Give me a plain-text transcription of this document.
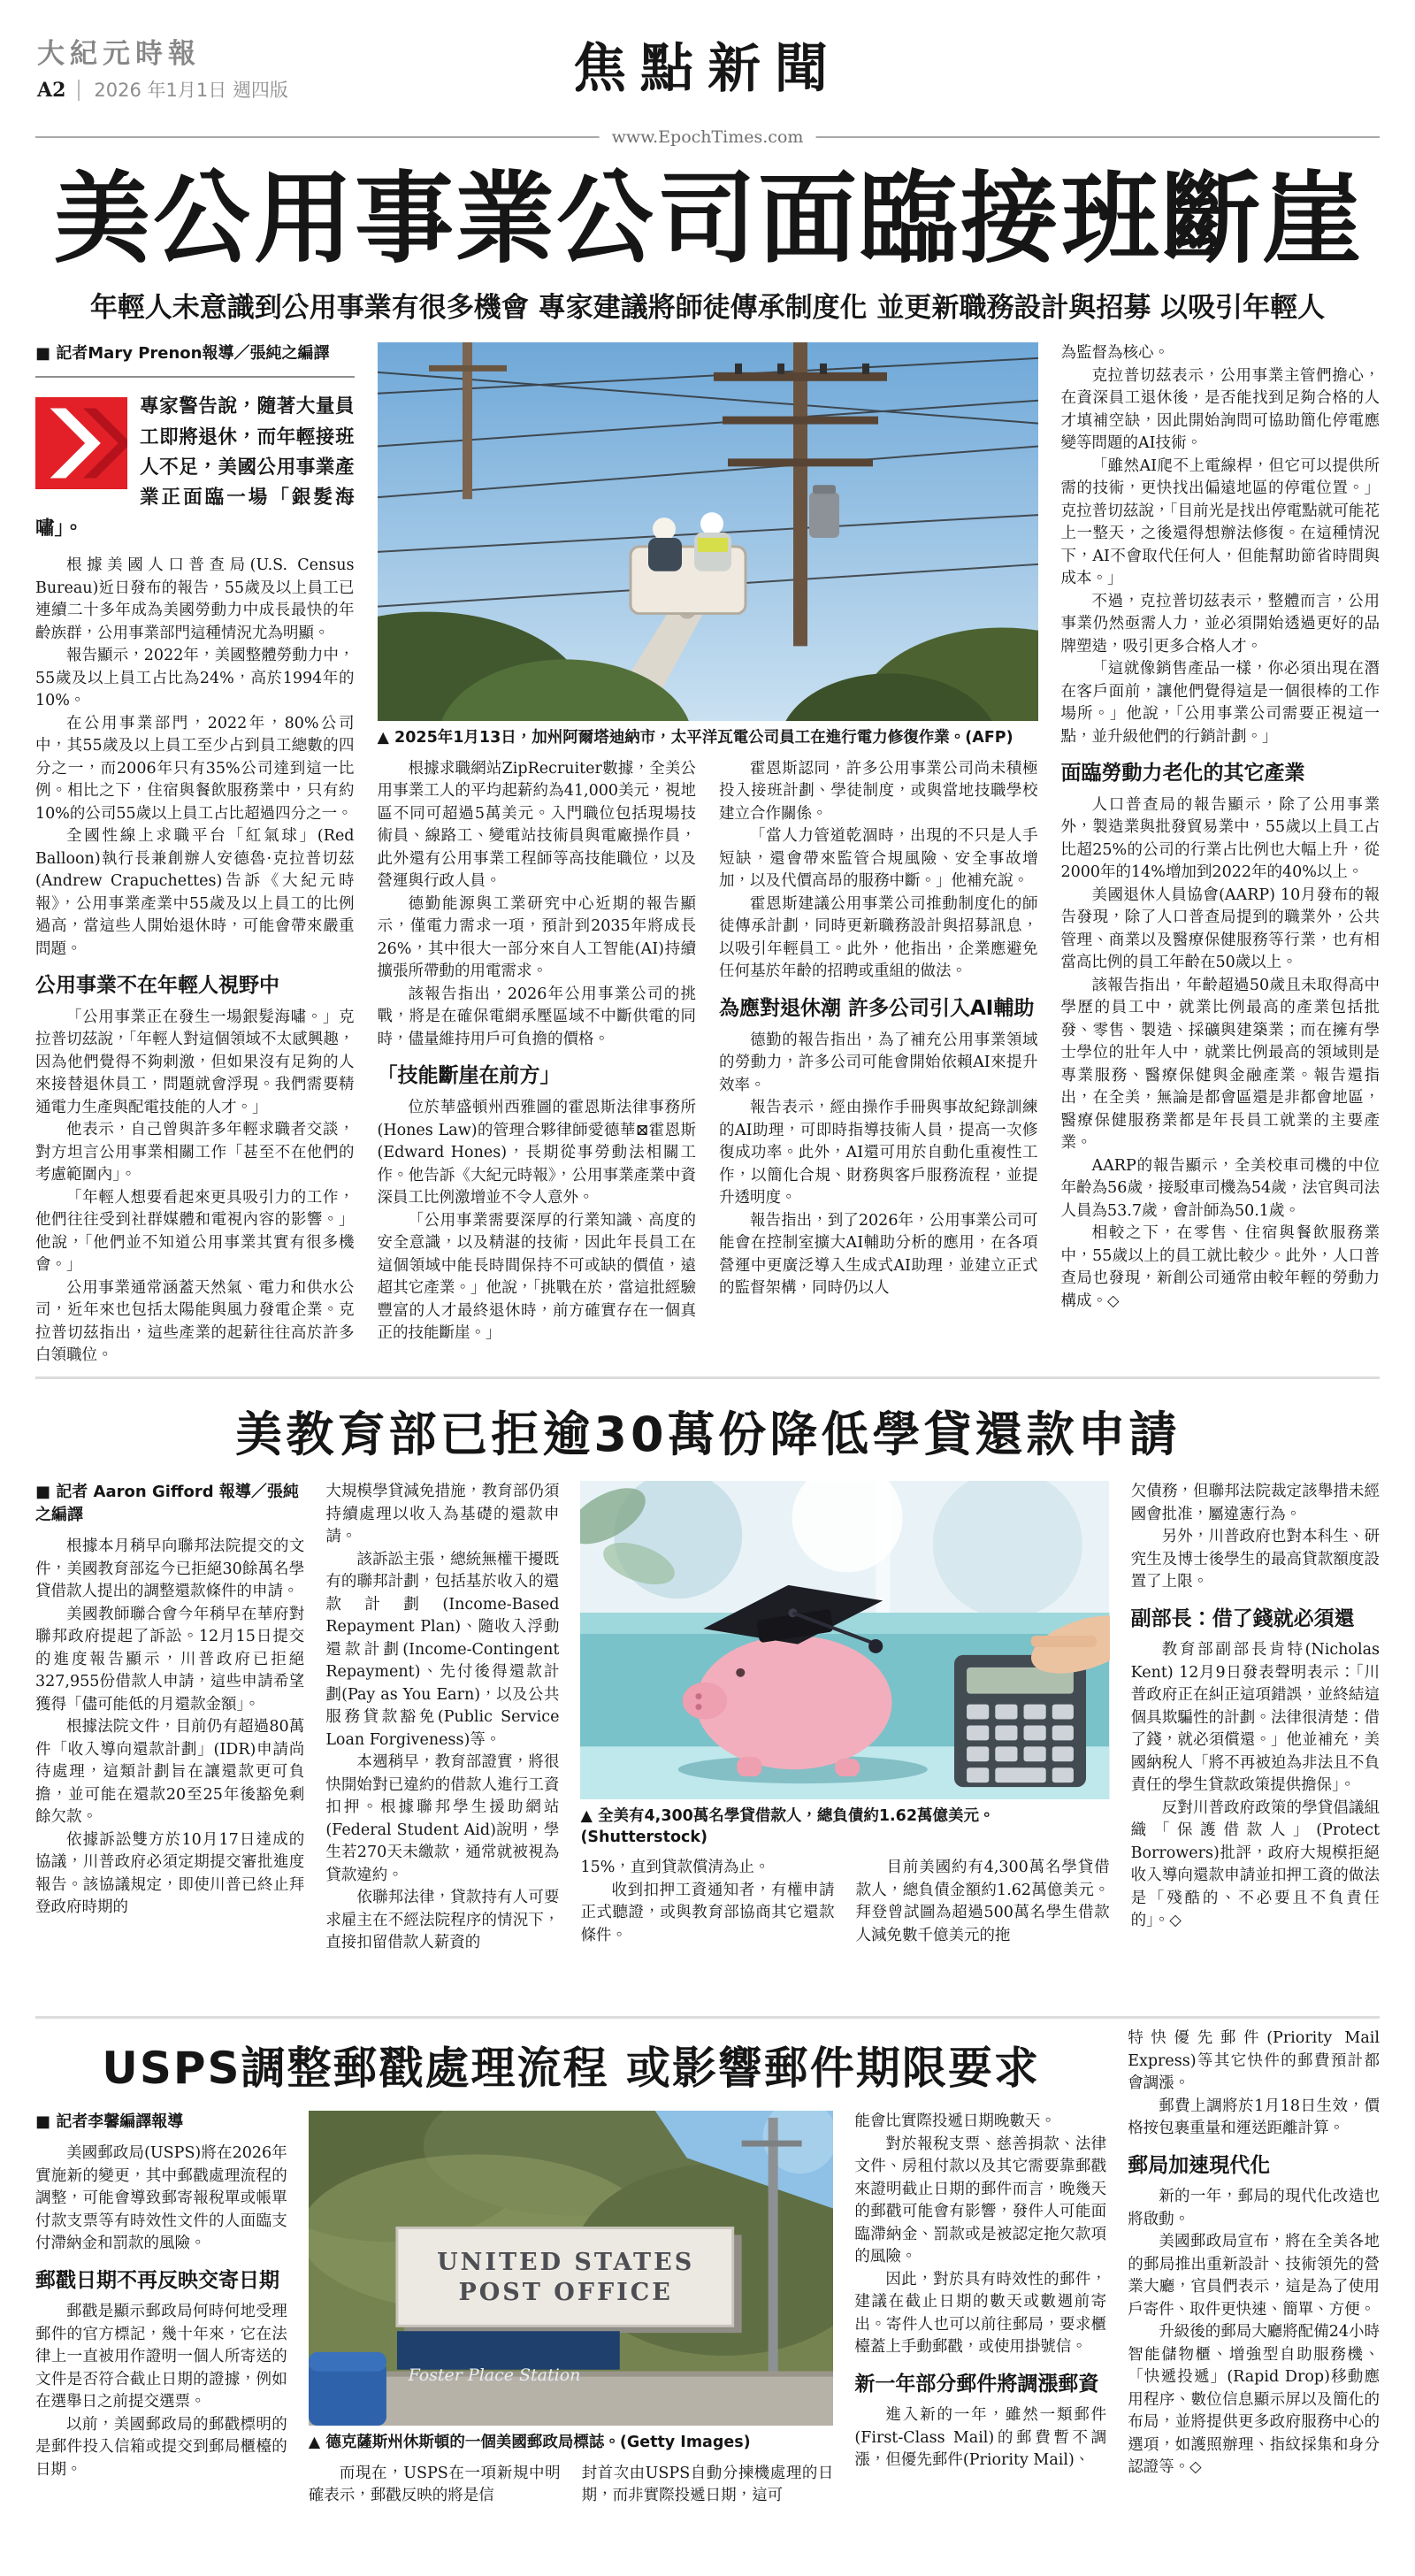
大紀元時報
A2 2026 年1月1日 週四版	焦點新聞
www.EpochTimes.com
美公用事業公司面臨接班斷崖
年輕人未意識到公用事業有很多機會 專家建議將師徒傳承制度化 並更新職務設計與招募 以吸引年輕人
■ 記者Mary Prenon報導／張純之編譯

專家警告說，隨著大量員工即將退休，而年輕接班人不足，美國公用事業產業正面臨一場「銀髮海嘯」。

根據美國人口普查局(U.S. Census Bureau)近日發布的報告，55歲及以上員工已連續二十多年成為美國勞動力中成長最快的年齡族群，公用事業部門這種情況尤為明顯。

報告顯示，2022年，美國整體勞動力中，55歲及以上員工占比為24%，高於1994年的10%。

在公用事業部門，2022年，80%公司中，其55歲及以上員工至少占到員工總數的四分之一，而2006年只有35%公司達到這一比例。相比之下，住宿與餐飲服務業中，只有約10%的公司55歲以上員工占比超過四分之一。

全國性線上求職平台「紅氣球」(Red Balloon)執行長兼創辦人安德魯·克拉普切茲(Andrew Crapuchettes)告訴《大紀元時報》，公用事業產業中55歲及以上員工的比例過高，當這些人開始退休時，可能會帶來嚴重問題。

公用事業不在年輕人視野中

「公用事業正在發生一場銀髮海嘯。」克拉普切茲說，「年輕人對這個領域不太感興趣，因為他們覺得不夠刺激，但如果沒有足夠的人來接替退休員工，問題就會浮現。我們需要精通電力生產與配電技能的人才。」

他表示，自己曾與許多年輕求職者交談，對方坦言公用事業相關工作「甚至不在他們的考慮範圍內」。

「年輕人想要看起來更具吸引力的工作，他們往往受到社群媒體和電視內容的影響。」他說，「他們並不知道公用事業其實有很多機會。」

公用事業通常涵蓋天然氣、電力和供水公司，近年來也包括太陽能與風力發電企業。克拉普切茲指出，這些產業的起薪往往高於許多白領職位。

▲ 2025年1月13日，加州阿爾塔迪納市，太平洋瓦電公司員工在進行電力修復作業。(AFP)

根據求職網站ZipRecruiter數據，全美公用事業工人的平均起薪約為41,000美元，視地區不同可超過5萬美元。入門職位包括現場技術員、線路工、變電站技術員與電廠操作員，此外還有公用事業工程師等高技能職位，以及營運與行政人員。

德勤能源與工業研究中心近期的報告顯示，僅電力需求一項，預計到2035年將成長26%，其中很大一部分來自人工智能(AI)持續擴張所帶動的用電需求。

該報告指出，2026年公用事業公司的挑戰，將是在確保電網承壓區域不中斷供電的同時，儘量維持用戶可負擔的價格。

「技能斷崖在前方」

位於華盛頓州西雅圖的霍恩斯法律事務所(Hones Law)的管理合夥律師愛德華⊠霍恩斯(Edward Hones)，長期從事勞動法相關工作。他告訴《大紀元時報》，公用事業產業中資深員工比例激增並不令人意外。

「公用事業需要深厚的行業知識、高度的安全意識，以及精湛的技術，因此年長員工在這個領域中能長時間保持不可或缺的價值，遠超其它產業。」他說，「挑戰在於，當這批經驗豐富的人才最終退休時，前方確實存在一個真正的技能斷崖。」

霍恩斯認同，許多公用事業公司尚未積極投入接班計劃、學徒制度，或與當地技職學校建立合作關係。

「當人力管道乾涸時，出現的不只是人手短缺，還會帶來監管合規風險、安全事故增加，以及代價高昂的服務中斷。」他補充說。

霍恩斯建議公用事業公司推動制度化的師徒傳承計劃，同時更新職務設計與招募訊息，以吸引年輕員工。此外，他指出，企業應避免任何基於年齡的招聘或重組的做法。

為應對退休潮 許多公司引入AI輔助

德勤的報告指出，為了補充公用事業領域的勞動力，許多公司可能會開始依賴AI來提升效率。

報告表示，經由操作手冊與事故紀錄訓練的AI助理，可即時指導技術人員，提高一次修復成功率。此外，AI還可用於自動化重複性工作，以簡化合規、財務與客戶服務流程，並提升透明度。

報告指出，到了2026年，公用事業公司可能會在控制室擴大AI輔助分析的應用，在各項營運中更廣泛導入生成式AI助理，並建立正式的監督架構，同時仍以人

為監督為核心。

克拉普切茲表示，公用事業主管們擔心，在資深員工退休後，是否能找到足夠合格的人才填補空缺，因此開始詢問可協助簡化停電應變等問題的AI技術。

「雖然AI爬不上電線桿，但它可以提供所需的技術，更快找出偏遠地區的停電位置。」克拉普切茲說，「目前光是找出停電點就可能花上一整天，之後還得想辦法修復。在這種情況下，AI不會取代任何人，但能幫助節省時間與成本。」

不過，克拉普切茲表示，整體而言，公用事業仍然亟需人力，並必須開始透過更好的品牌塑造，吸引更多合格人才。

「這就像銷售產品一樣，你必須出現在潛在客戶面前，讓他們覺得這是一個很棒的工作場所。」他說，「公用事業公司需要正視這一點，並升級他們的行銷計劃。」

面臨勞動力老化的其它產業

人口普查局的報告顯示，除了公用事業外，製造業與批發貿易業中，55歲以上員工占比超25%的公司的行業占比例也大幅上升，從2000年的14%增加到2022年的40%以上。

美國退休人員協會(AARP) 10月發布的報告發現，除了人口普查局提到的職業外，公共管理、商業以及醫療保健服務等行業，也有相當高比例的員工年齡在50歲以上。

該報告指出，年齡超過50歲且未取得高中學歷的員工中，就業比例最高的產業包括批發、零售、製造、採礦與建築業；而在擁有學士學位的壯年人中，就業比例最高的領域則是專業服務、醫療保健與金融產業。報告還指出，在全美，無論是都會區還是非都會地區，醫療保健服務業都是年長員工就業的主要產業。

AARP的報告顯示，全美校車司機的中位年齡為56歲，接駁車司機為54歲，法官與司法人員為53.7歲，會計師為50.1歲。

相較之下，在零售、住宿與餐飲服務業中，55歲以上的員工就比較少。此外，人口普查局也發現，新創公司通常由較年輕的勞動力構成。◇

美教育部已拒逾30萬份降低學貸還款申請
■ 記者 Aaron Gifford 報導／張純之編譯

根據本月稍早向聯邦法院提交的文件，美國教育部迄今已拒絕30餘萬名學貸借款人提出的調整還款條件的申請。

美國教師聯合會今年稍早在華府對聯邦政府提起了訴訟。12月15日提交的進度報告顯示，川普政府已拒絕327,955份借款人申請，這些申請希望獲得「儘可能低的月還款金額」。

根據法院文件，目前仍有超過80萬件「收入導向還款計劃」(IDR)申請尚待處理，這類計劃旨在讓還款更可負擔，並可能在還款20至25年後豁免剩餘欠款。

依據訴訟雙方於10月17日達成的協議，川普政府必須定期提交審批進度報告。該協議規定，即使川普已終止拜登政府時期的

大規模學貸減免措施，教育部仍須持續處理以收入為基礎的還款申請。

該訴訟主張，總統無權干擾既有的聯邦計劃，包括基於收入的還款計劃(Income-Based Repayment Plan)、隨收入浮動還款計劃(Income-Contingent Repayment)、先付後得還款計劃(Pay as You Earn)，以及公共服務貸款豁免(Public Service Loan Forgiveness)等。

本週稍早，教育部證實，將很快開始對已違約的借款人進行工資扣押。根據聯邦學生援助網站(Federal Student Aid)說明，學生若270天未繳款，通常就被視為貸款違約。

依聯邦法律，貸款持有人可要求雇主在不經法院程序的情況下，直接扣留借款人薪資的

▲ 全美有4,300萬名學貸借款人，總負債約1.62萬億美元。(Shutterstock)

15%，直到貸款償清為止。

收到扣押工資通知者，有權申請正式聽證，或與教育部協商其它還款條件。

目前美國約有4,300萬名學貸借款人，總負債金額約1.62萬億美元。拜登曾試圖為超過500萬名學生借款人減免數千億美元的拖

欠債務，但聯邦法院裁定該舉措未經國會批准，屬違憲行為。

另外，川普政府也對本科生、研究生及博士後學生的最高貸款額度設置了上限。

副部長：借了錢就必須還

教育部副部長肯特(Nicholas Kent) 12月9日發表聲明表示：「川普政府正在糾正這項錯誤，並終結這個具欺騙性的計劃。法律很清楚：借了錢，就必須償還。」他並補充，美國納稅人「將不再被迫為非法且不負責任的學生貸款政策提供擔保」。

反對川普政府政策的學貸倡議組織「保護借款人」(Protect Borrowers)批評，政府大規模拒絕收入導向還款申請並扣押工資的做法是「殘酷的、不必要且不負責任的」。◇

USPS調整郵戳處理流程 或影響郵件期限要求
■ 記者李馨編譯報導

美國郵政局(USPS)將在2026年實施新的變更，其中郵戳處理流程的調整，可能會導致郵寄報稅單或帳單付款支票等有時效性文件的人面臨支付滯納金和罰款的風險。

郵戳日期不再反映交寄日期

郵戳是顯示郵政局何時何地受理郵件的官方標記，幾十年來，它在法律上一直被用作證明一個人所寄送的文件是否符合截止日期的證據，例如在選舉日之前提交選票。

以前，美國郵政局的郵戳標明的是郵件投入信箱或提交到郵局櫃檯的日期。

UNITED STATES POST OFFICE
Foster Place Station
▲ 德克薩斯州休斯頓的一個美國郵政局標誌。(Getty Images)

而現在，USPS在一項新規中明確表示，郵戳反映的將是信

封首次由USPS自動分揀機處理的日期，而非實際投遞日期，這可

能會比實際投遞日期晚數天。

對於報稅支票、慈善捐款、法律文件、房租付款以及其它需要靠郵戳來證明截止日期的郵件而言，晚幾天的郵戳可能會有影響，發件人可能面臨滯納金、罰款或是被認定拖欠款項的風險。

因此，對於具有時效性的郵件，建議在截止日期的數天或數週前寄出。寄件人也可以前往郵局，要求櫃檯蓋上手動郵戳，或使用掛號信。

新一年部分郵件將調漲郵資

進入新的一年，雖然一類郵件(First-Class Mail)的郵費暫不調漲，但優先郵件(Priority Mail)、

特快優先郵件(Priority Mail Express)等其它快件的郵費預計都會調漲。

郵費上調將於1月18日生效，價格按包裹重量和運送距離計算。

郵局加速現代化

新的一年，郵局的現代化改造也將啟動。

美國郵政局宣布，將在全美各地的郵局推出重新設計、技術領先的營業大廳，官員們表示，這是為了使用戶寄件、取件更快速、簡單、方便。

升級後的郵局大廳將配備24小時智能儲物櫃、增強型自助服務機、「快遞投遞」(Rapid Drop)移動應用程序、數位信息顯示屏以及簡化的布局，並將提供更多政府服務中心的選項，如護照辦理、指紋採集和身分認證等。◇
